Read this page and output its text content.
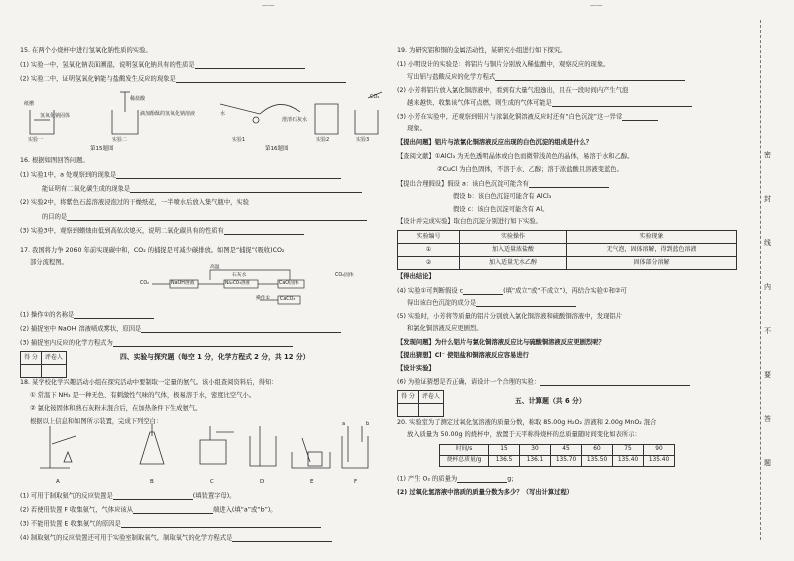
——	——
15. 在两个小烧杯中进行氢氧化钠性质的实验。
(1) 实验一中，氢氧化钠表面潮湿，说明氢氧化钠具有的性质是
(2) 实验二中，证明氢氧化钠能与盐酸发生反应的现象是
纸槽
氢氧化钠固体	滴加酚酞的氢氧化钠溶液
稀盐酸
实验一	实验二
水
澄清石灰水
实验1	实验2	实验3
CO₂
第15题图	第16题图
16. 根据如图回答问题。
(1) 实验1中，a 处观察到的现象是
能证明有二氧化碳生成的现象是
(2) 实验2中，将紫色石蕊溶液浸泡过的干燥纸花，一半喷水后放入集气瓶中，实验
的目的是
(3) 实验3中，观察到蜡烛由低到高依次熄灭，说明二氧化碳具有的性质有
17. 我国将力争 2060 年前实现碳中和，CO₂ 的捕捉是可减少碳排放。如图是“捕捉”(吸收)CO₂
部分流程图。
高温
NaOH溶液
石灰水
CaO固体
Na₂CO₃溶液
CO₂
操作① CaCO₃
CO₂固体
(1) 操作①的名称是
(2) 捕捉室中 NaOH 溶液喷成雾状，原因是
(3) 捕捉室内反应的化学方程式为
得 分	评卷人
		四、实验与探究题（每空 1 分，化学方程式 2 分，共 12 分）
18. 某学校化学兴趣活动小组在探究活动中要制取一定量的氨气。该小组查阅资料后，得知：
① 常温下 NH₃ 是一种无色、有刺激性气味的气体，极易溶于水，密度比空气小。
② 氯化铵固体和熟石灰粉末混合后，在加热条件下生成氨气。
根据以上信息和如图所示装置，完成下列空白：
A	B	C	D	E	F
a	b
(1) 可用于制取氨气的反应装置是	(填装置字母)。
(2) 若使用装置 F 收集氨气，气体应该从	端进入(填“a”或“b”)。
(3) 不能用装置 E 收集氨气的原因是
(4) 制取氨气的反应装置还可用于实验室制取氧气，制取氧气的化学方程式是
19. 为研究铝和铜的金属活动性，某研究小组进行如下探究。
(1) 小明设计的实验是：将铝片与铜片分别放入稀盐酸中，观察反应的现象。
写出铝与盐酸反应的化学方程式
(2) 小芳将铝片放入氯化铜溶液中，看到有大量气泡逸出，且在一段时间内产生气泡
越来越快，收集该气体可点燃，则生成的气体可能是
(3) 小芳在实验中，还观察到铝片与浓氯化铜溶液反应时还有“白色沉淀”这一异常
现象。
【提出问题】铝片与浓氯化铜溶液反应出现的白色沉淀的组成是什么？
【查阅文献】①AlCl₃ 为无色透明晶体或白色而微带浅黄色的晶体，易溶于水和乙醇。
②CuCl 为白色固体，不溶于水、乙醇；溶于浓盐酸且溶液变蓝色。
【提出合理假设】假设 a：该白色沉淀可能含有
假设 b：该白色沉淀可能含有 AlCl₃
假设 c：该白色沉淀可能含有 Al。
【设计并完成实验】取白色沉淀分别进行如下实验。
实验编号	实验操作	实验现象
①	加入适量浓盐酸	无气泡，固体溶解，得到蓝色溶液
②	加入适量无水乙醇	固体部分溶解
【得出结论】
(4) 实验①可判断假设 c	(填“成立”或“不成立”)，再结合实验①和②可
得出该白色沉淀的成分是
(5) 实验时，小芳将等质量的铝片分别放入氯化铜溶液和硫酸铜溶液中，发现铝片
和氯化铜溶液反应更剧烈。
【发现问题】为什么铝片与氯化铜溶液反应比与硫酸铜溶液反应更剧烈呢？
【提出猜想】Cl⁻ 使铝盐和铜溶液反应容易进行
【设计实验】
(6) 为验证猜想是否正确，请设计一个合理的实验：
得 分	评卷人

五、计算题（共 6 分）
20. 实验室为了测定过氧化氢溶液的质量分数，称取 85.00g H₂O₂ 溶液和 2.00g MnO₂ 混合
放入质量为 50.00g 的烧杯中，放置于天平称得烧杯的总质量随时间变化如表所示：
时间/s	15	30	45	60	75	90
烧杯总质量/g	136.5	136.1	135.70	135.50	135.40	135.40
(1) 产生 O₂ 的质量为	g；
(2) 过氧化氢溶液中溶质的质量分数为多少？（写出计算过程）
密
封
线
内
不
要
答
题
